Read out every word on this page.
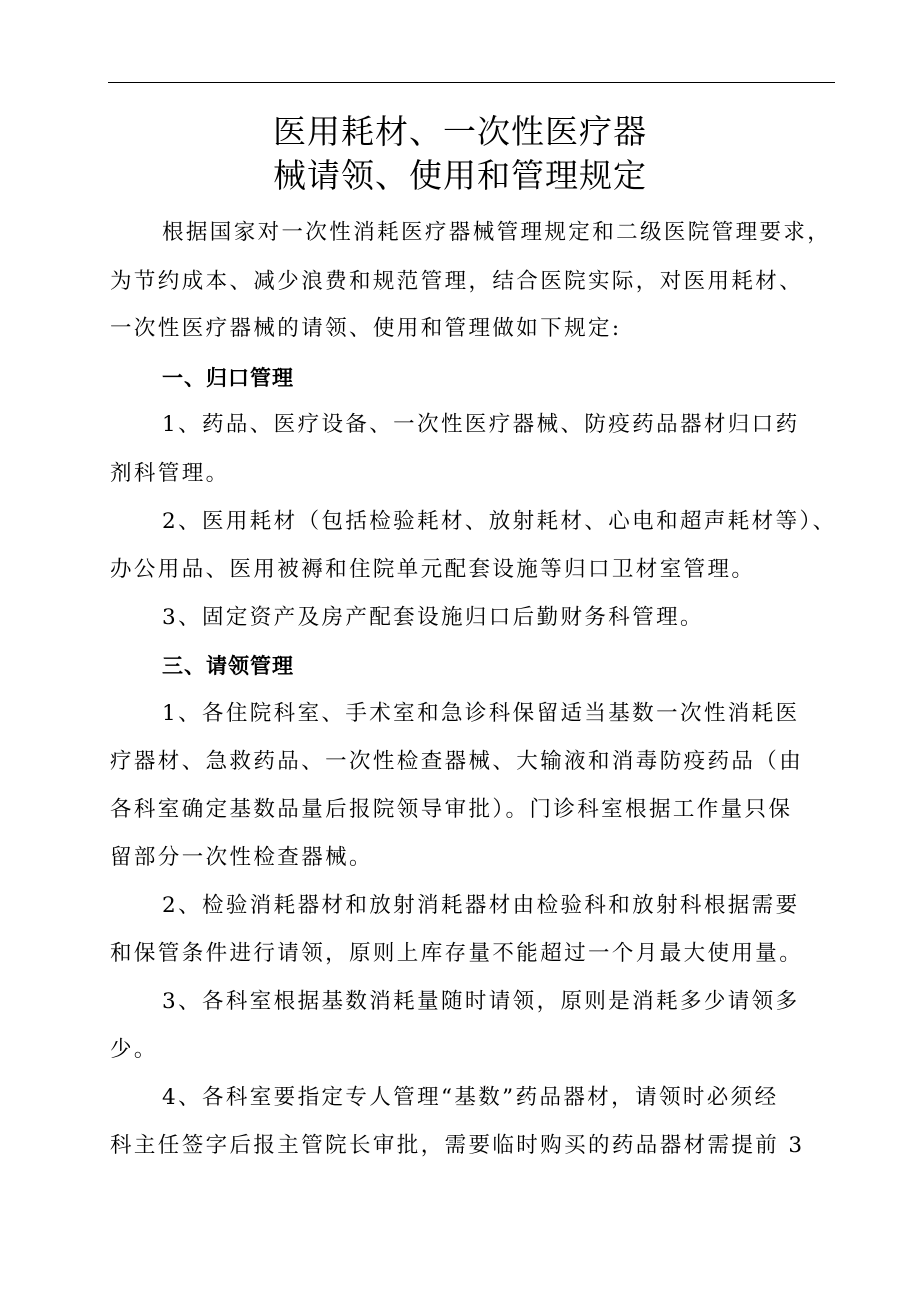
医用耗材、一次性医疗器
械请领、使用和管理规定
根据国家对一次性消耗医疗器械管理规定和二级医院管理要求，
为节约成本、减少浪费和规范管理，结合医院实际，对医用耗材、
一次性医疗器械的请领、使用和管理做如下规定:
一、归口管理
1、药品、医疗设备、一次性医疗器械、防疫药品器材归口药
剂科管理。
2、医用耗材（包括检验耗材、放射耗材、心电和超声耗材等）、
办公用品、医用被褥和住院单元配套设施等归口卫材室管理。
3、固定资产及房产配套设施归口后勤财务科管理。
三、请领管理
1、各住院科室、手术室和急诊科保留适当基数一次性消耗医
疗器材、急救药品、一次性检查器械、大输液和消毒防疫药品（由
各科室确定基数品量后报院领导审批）。门诊科室根据工作量只保
留部分一次性检查器械。
2、检验消耗器材和放射消耗器材由检验科和放射科根据需要
和保管条件进行请领，原则上库存量不能超过一个月最大使用量。
3、各科室根据基数消耗量随时请领，原则是消耗多少请领多
少。
4、各科室要指定专人管理“基数”药品器材，请领时必须经
科主任签字后报主管院长审批，需要临时购买的药品器材需提前 3
